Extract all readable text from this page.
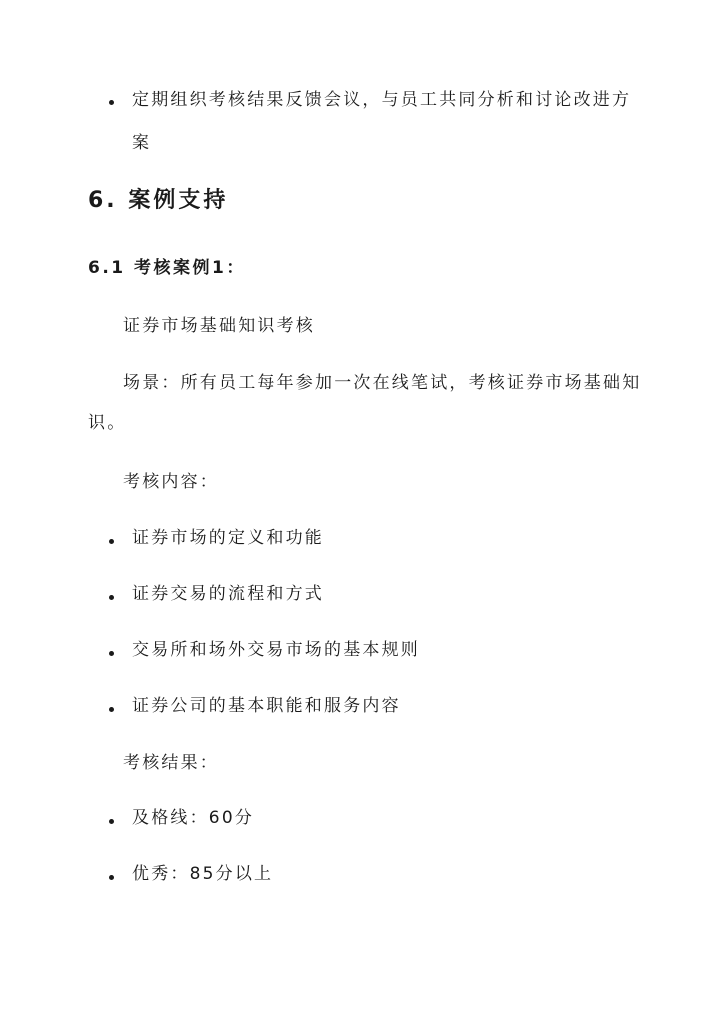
定期组织考核结果反馈会议，与员工共同分析和讨论改进方
案
6. 案例支持
6.1 考核案例1：
证券市场基础知识考核
场景：所有员工每年参加一次在线笔试，考核证券市场基础知
识。
考核内容：
证券市场的定义和功能
证券交易的流程和方式
交易所和场外交易市场的基本规则
证券公司的基本职能和服务内容
考核结果：
及格线：60分
优秀：85分以上
